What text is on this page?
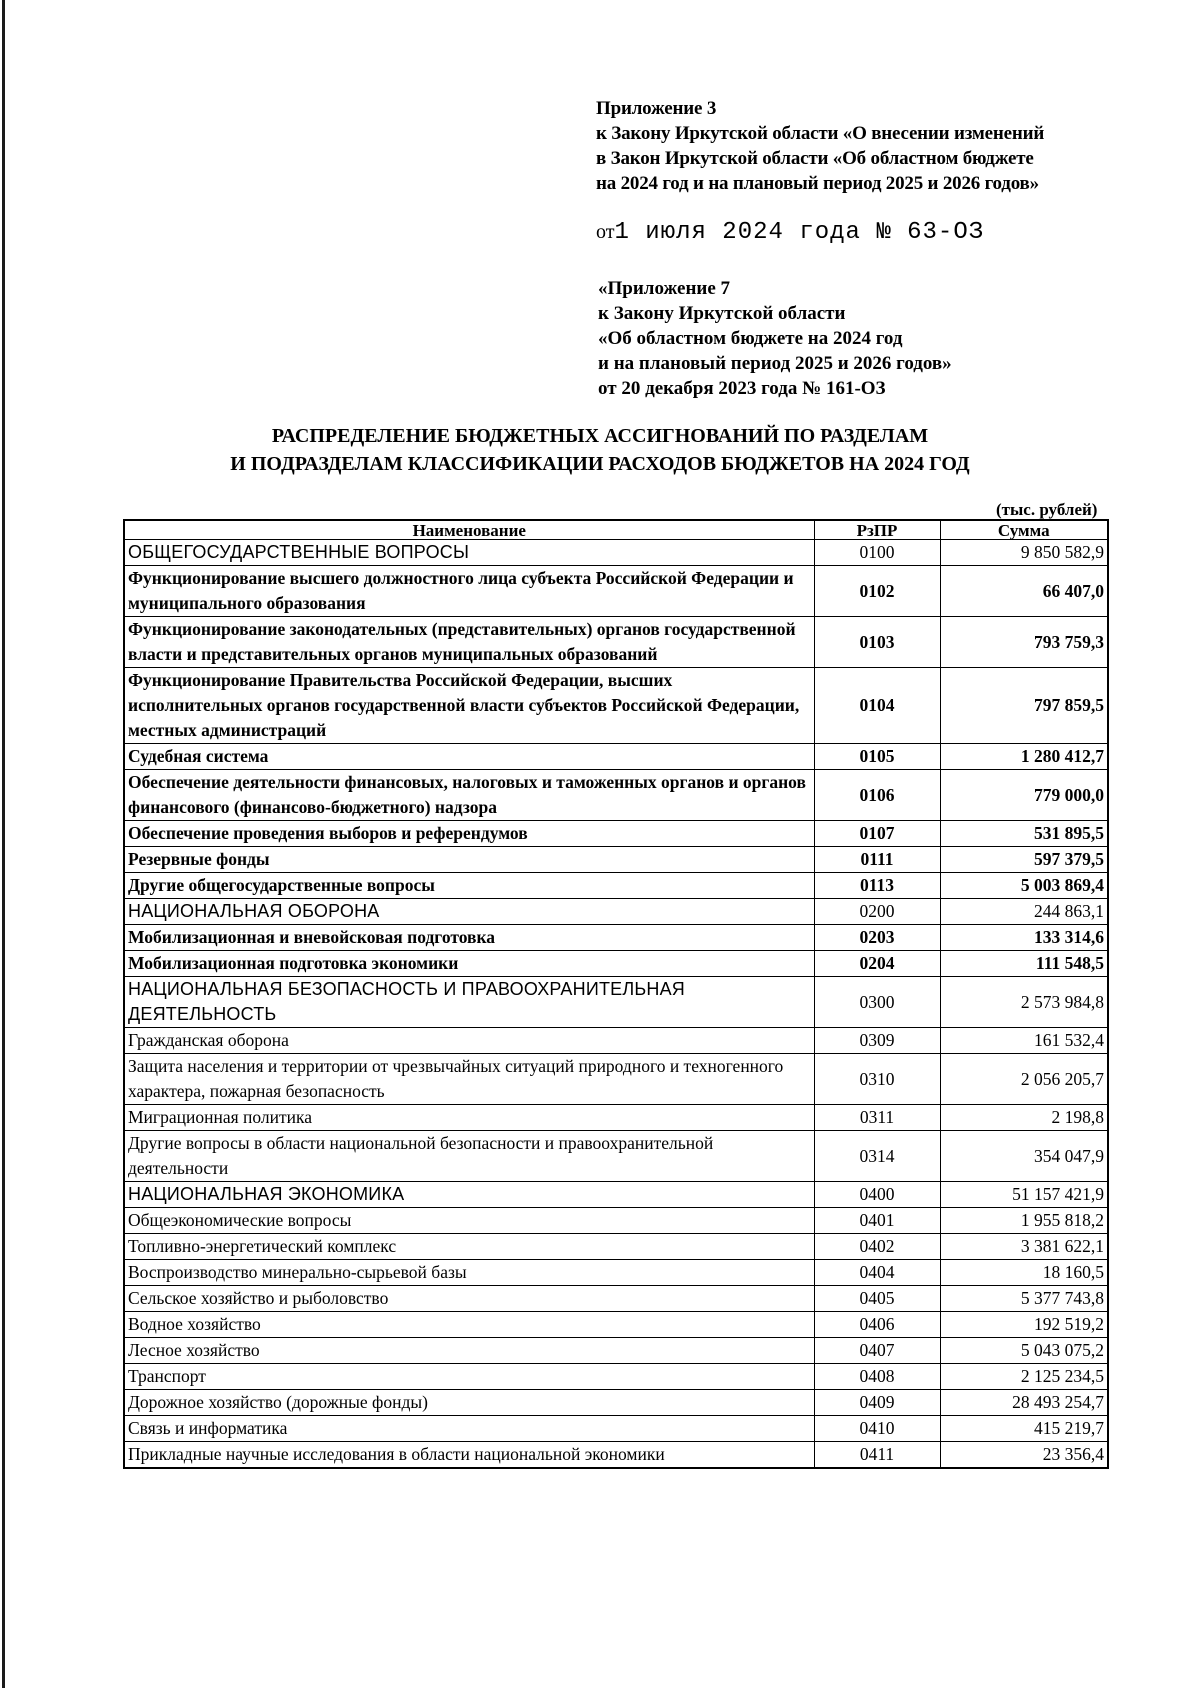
Приложение 3
к Закону Иркутской области «О внесении изменений
в Закон Иркутской области «Об областном бюджете
на 2024 год и на плановый период 2025 и 2026 годов»
от1 июля 2024 года № 63-ОЗ
«Приложение 7
к Закону Иркутской области
«Об областном бюджете на 2024 год
и на плановый период 2025 и 2026 годов»
от 20 декабря 2023 года № 161-ОЗ
РАСПРЕДЕЛЕНИЕ БЮДЖЕТНЫХ АССИГНОВАНИЙ ПО РАЗДЕЛАМ
И ПОДРАЗДЕЛАМ КЛАССИФИКАЦИИ РАСХОДОВ БЮДЖЕТОВ НА 2024 ГОД
(тыс. рублей)
Наименование	РзПР	Сумма
ОБЩЕГОСУДАРСТВЕННЫЕ ВОПРОСЫ	0100	9 850 582,9
Функционирование высшего должностного лица субъекта Российской Федерации и муниципального образования	0102	66 407,0
Функционирование законодательных (представительных) органов государственной власти и представительных органов муниципальных образований	0103	793 759,3
Функционирование Правительства Российской Федерации, высших исполнительных органов государственной власти субъектов Российской Федерации, местных администраций	0104	797 859,5
Судебная система	0105	1 280 412,7
Обеспечение деятельности финансовых, налоговых и таможенных органов и органов финансового (финансово-бюджетного) надзора	0106	779 000,0
Обеспечение проведения выборов и референдумов	0107	531 895,5
Резервные фонды	0111	597 379,5
Другие общегосударственные вопросы	0113	5 003 869,4
НАЦИОНАЛЬНАЯ ОБОРОНА	0200	244 863,1
Мобилизационная и вневойсковая подготовка	0203	133 314,6
Мобилизационная подготовка экономики	0204	111 548,5
НАЦИОНАЛЬНАЯ БЕЗОПАСНОСТЬ И ПРАВООХРАНИТЕЛЬНАЯ ДЕЯТЕЛЬНОСТЬ	0300	2 573 984,8
Гражданская оборона	0309	161 532,4
Защита населения и территории от чрезвычайных ситуаций природного и техногенного характера, пожарная безопасность	0310	2 056 205,7
Миграционная политика	0311	2 198,8
Другие вопросы в области национальной безопасности и правоохранительной деятельности	0314	354 047,9
НАЦИОНАЛЬНАЯ ЭКОНОМИКА	0400	51 157 421,9
Общеэкономические вопросы	0401	1 955 818,2
Топливно-энергетический комплекс	0402	3 381 622,1
Воспроизводство минерально-сырьевой базы	0404	18 160,5
Сельское хозяйство и рыболовство	0405	5 377 743,8
Водное хозяйство	0406	192 519,2
Лесное хозяйство	0407	5 043 075,2
Транспорт	0408	2 125 234,5
Дорожное хозяйство (дорожные фонды)	0409	28 493 254,7
Связь и информатика	0410	415 219,7
Прикладные научные исследования в области национальной экономики	0411	23 356,4
